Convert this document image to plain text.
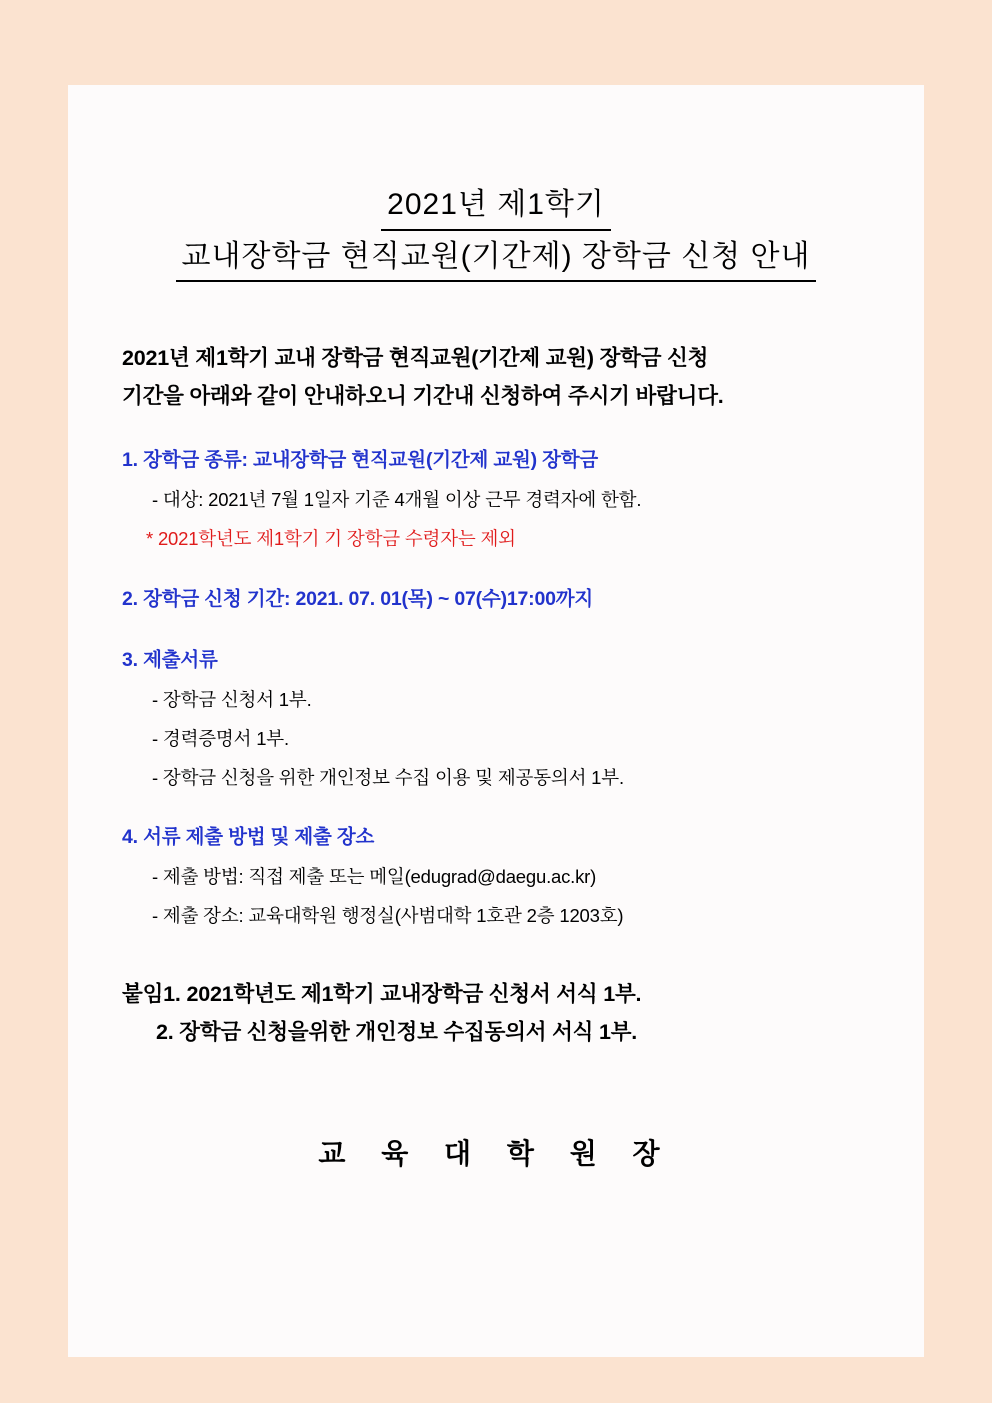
2021년 제1학기
교내장학금 현직교원(기간제) 장학금 신청 안내
2021년 제1학기 교내 장학금 현직교원(기간제 교원) 장학금 신청
기간을 아래와 같이 안내하오니 기간내 신청하여 주시기 바랍니다.
1. 장학금 종류: 교내장학금 현직교원(기간제 교원) 장학금
- 대상: 2021년 7월 1일자 기준 4개월 이상 근무 경력자에 한함.
* 2021학년도 제1학기 기 장학금 수령자는 제외
2. 장학금 신청 기간: 2021. 07. 01(목) ~ 07(수)17:00까지
3. 제출서류
- 장학금 신청서 1부.
- 경력증명서 1부.
- 장학금 신청을 위한 개인정보 수집 이용 및 제공동의서 1부.
4. 서류 제출 방법 및 제출 장소
- 제출 방법: 직접 제출 또는 메일(edugrad@daegu.ac.kr)
- 제출 장소: 교육대학원 행정실(사범대학 1호관 2층 1203호)
붙임1. 2021학년도 제1학기 교내장학금 신청서 서식 1부.
2. 장학금 신청을위한 개인정보 수집동의서 서식 1부.
교 육 대 학 원 장
